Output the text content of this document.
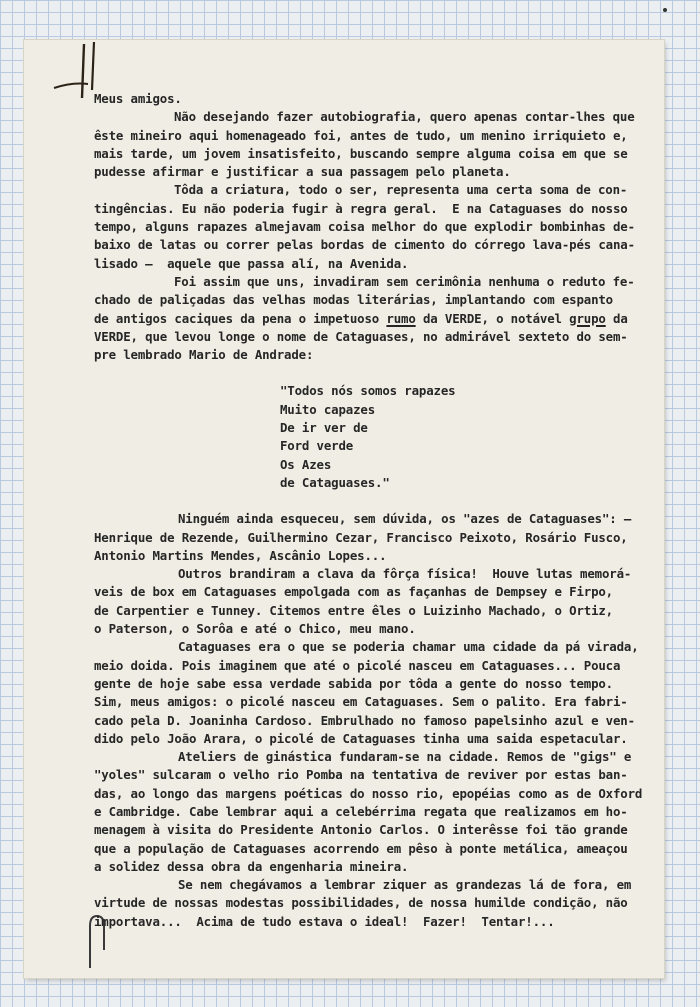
Meus amigos.
Não desejando fazer autobiografia, quero apenas contar-lhes que
êste mineiro aqui homenageado foi, antes de tudo, um menino irriquieto e,
mais tarde, um jovem insatisfeito, buscando sempre alguma coisa em que se
pudesse afirmar e justificar a sua passagem pelo planeta.
Tôda a criatura, todo o ser, representa uma certa soma de con-
tingências. Eu não poderia fugir à regra geral.  E na Cataguases do nosso
tempo, alguns rapazes almejavam coisa melhor do que explodir bombinhas de-
baixo de latas ou correr pelas bordas de cimento do córrego lava-pés cana-
lisado —  aquele que passa alí, na Avenida.
Foi assim que uns, invadiram sem cerimônia nenhuma o reduto fe-
chado de paliçadas das velhas modas literárias, implantando com espanto
de antigos caciques da pena o impetuoso rumo da VERDE, o notável grupo da
VERDE, que levou longe o nome de Cataguases, no admirável sexteto do sem-
pre lembrado Mario de Andrade:
"Todos nós somos rapazes
Muito capazes
De ir ver de
Ford verde
Os Azes
de Cataguases."
Ninguém ainda esqueceu, sem dúvida, os "azes de Cataguases": —
Henrique de Rezende, Guilhermino Cezar, Francisco Peixoto, Rosário Fusco,
Antonio Martins Mendes, Ascânio Lopes...
Outros brandiram a clava da fôrça física!  Houve lutas memorá-
veis de box em Cataguases empolgada com as façanhas de Dempsey e Firpo,
de Carpentier e Tunney. Citemos entre êles o Luizinho Machado, o Ortiz,
o Paterson, o Sorôa e até o Chico, meu mano.
Cataguases era o que se poderia chamar uma cidade da pá virada,
meio doida. Pois imaginem que até o picolé nasceu em Cataguases... Pouca
gente de hoje sabe essa verdade sabida por tôda a gente do nosso tempo.
Sim, meus amigos: o picolé nasceu em Cataguases. Sem o palito. Era fabri-
cado pela D. Joaninha Cardoso. Embrulhado no famoso papelsinho azul e ven-
dido pelo João Arara, o picolé de Cataguases tinha uma saida espetacular.
Ateliers de ginástica fundaram-se na cidade. Remos de "gigs" e
"yoles" sulcaram o velho rio Pomba na tentativa de reviver por estas ban-
das, ao longo das margens poéticas do nosso rio, epopéias como as de Oxford
e Cambridge. Cabe lembrar aqui a celebérrima regata que realizamos em ho-
menagem à visita do Presidente Antonio Carlos. O interêsse foi tão grande
que a população de Cataguases acorrendo em pêso à ponte metálica, ameaçou
a solidez dessa obra da engenharia mineira.
Se nem chegávamos a lembrar ziquer as grandezas lá de fora, em
virtude de nossas modestas possibilidades, de nossa humilde condição, não
importava...  Acima de tudo estava o ideal!  Fazer!  Tentar!...
